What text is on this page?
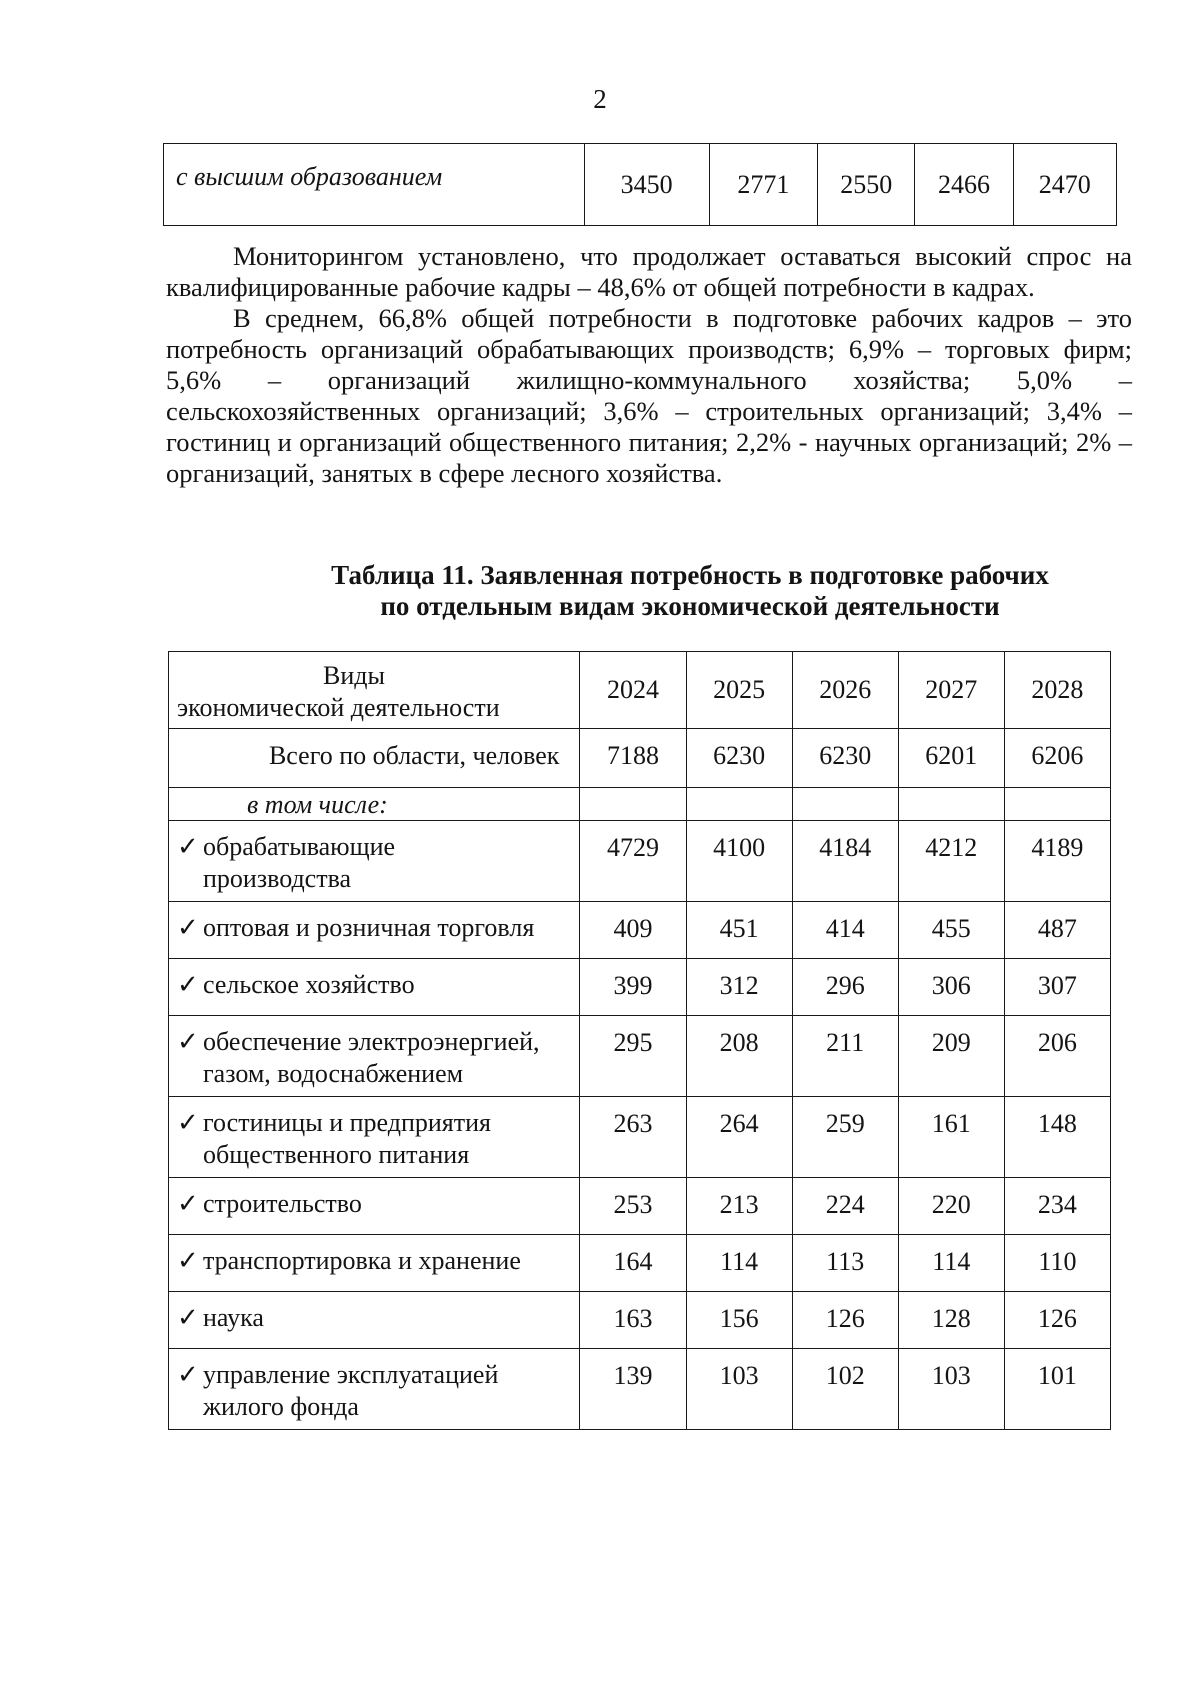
2
с высшим образованием	3450	2771	2550	2466	2470

Мониторингом установлено, что продолжает оставаться высокий спрос на квалифицированные рабочие кадры – 48,6% от общей потребности в кадрах.

В среднем, 66,8% общей потребности в подготовке рабочих кадров – это потребность организаций обрабатывающих производств; 6,9% – торговых фирм; 5,6% – организаций жилищно-коммунального хозяйства; 5,0% – сельскохозяйственных организаций; 3,6% – строительных организаций; 3,4% – гостиниц и организаций общественного питания; 2,2% - научных организаций; 2% – организаций, занятых в сфере лесного хозяйства.

Таблица 11. Заявленная потребность в подготовке рабочих
по отдельным видам экономической деятельности
Виды
экономической деятельности	2024	2025	2026	2027	2028
Всего по области, человек	7188	6230	6230	6201	6206
в том числе:					

✓ обрабатывающие
производства	4729	4100	4184	4212	4189

✓ оптовая и розничная торговля	409	451	414	455	487

✓ сельское хозяйство	399	312	296	306	307

✓ обеспечение электроэнергией,
газом, водоснабжением	295	208	211	209	206

✓ гостиницы и предприятия
общественного питания	263	264	259	161	148

✓ строительство	253	213	224	220	234

✓ транспортировка и хранение	164	114	113	114	110

✓ наука	163	156	126	128	126

✓ управление эксплуатацией
жилого фонда	139	103	102	103	101
